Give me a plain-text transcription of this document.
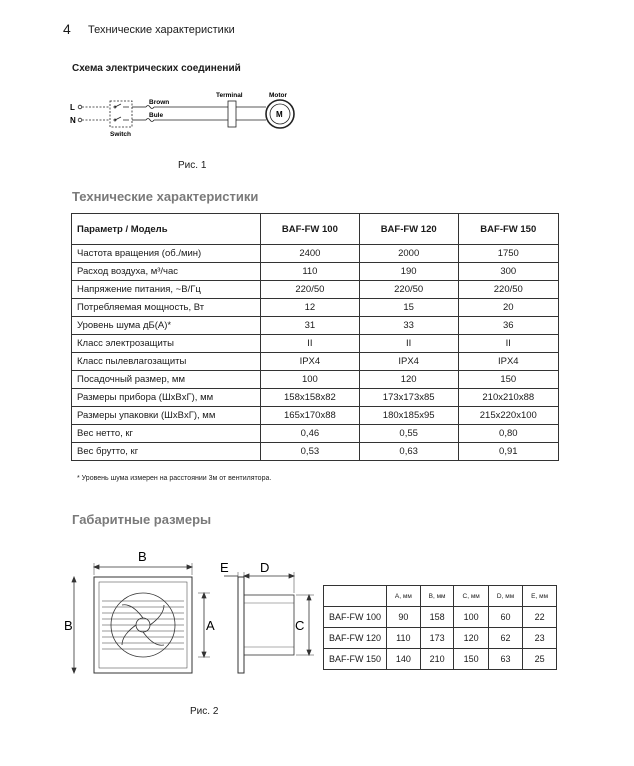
4 Технические характеристики
Схема электрических соединений
L
N
Brown
Bule
Switch
Terminal	Motor
M
Рис. 1
Технические характеристики
Параметр / Модель	BAF-FW 100	BAF-FW 120	BAF-FW 150
Частота вращения (об./мин)	2400	2000	1750
Расход воздуха, м³/час	110	190	300
Напряжение питания, ~В/Гц	220/50	220/50	220/50
Потребляемая мощность, Вт	12	15	20
Уровень шума дБ(А)*	31	33	36
Класс электрозащиты	II	II	II
Класс пылевлагозащиты	IPX4	IPX4	IPX4
Посадочный размер, мм	100	120	150
Размеры прибора (ШxВxГ), мм	158x158x82	173x173x85	210x210x88
Размеры упаковки (ШxВxГ), мм	165x170x88	180x185x95	215x220x100
Вес нетто, кг	0,46	0,55	0,80
Вес брутто, кг	0,53	0,63	0,91
* Уровень шума измерен на расстоянии 3м от вентилятора.
Габаритные размеры
B
B	A	C
E D
	A, мм	B, мм	C, мм	D, мм	E, мм
BAF-FW 100	90	158	100	60	22
BAF-FW 120	110	173	120	62	23
BAF-FW 150	140	210	150	63	25
Рис. 2
